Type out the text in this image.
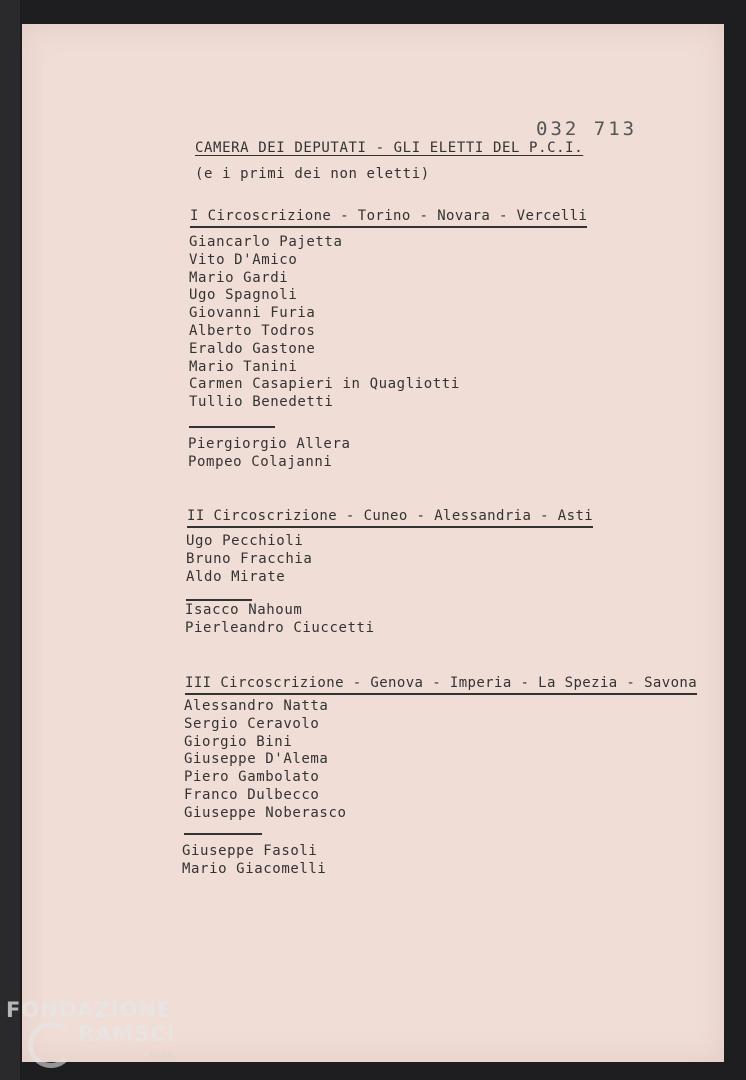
032 713
CAMERA DEI DEPUTATI - GLI ELETTI DEL P.C.I.
(e i primi dei non eletti)
I Circoscrizione - Torino - Novara - Vercelli
Giancarlo Pajetta
Vito D'Amico
Mario Gardi
Ugo Spagnoli
Giovanni Furia
Alberto Todros
Eraldo Gastone
Mario Tanini
Carmen Casapieri in Quagliotti
Tullio Benedetti
Piergiorgio Allera
Pompeo Colajanni
II Circoscrizione - Cuneo - Alessandria - Asti
Ugo Pecchioli
Bruno Fracchia
Aldo Mirate
Isacco Nahoum
Pierleandro Ciuccetti
III Circoscrizione - Genova - Imperia - La Spezia - Savona
Alessandro Natta
Sergio Ceravolo
Giorgio Bini
Giuseppe D'Alema
Piero Gambolato
Franco Dulbecco
Giuseppe Noberasco
Giuseppe Fasoli
Mario Giacomelli
FONDAZIONE
RAMSCI
onlus
